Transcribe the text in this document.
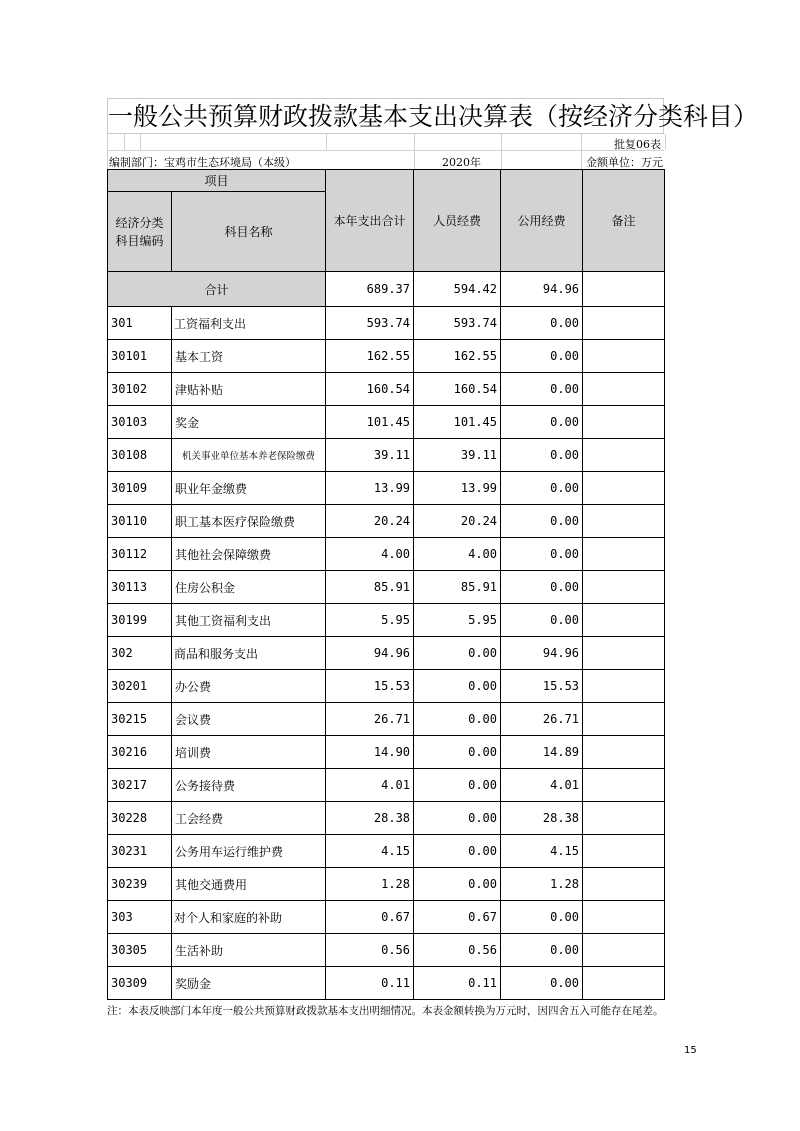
一般公共预算财政拨款基本支出决算表（按经济分类科目）
批复06表
编制部门：宝鸡市生态环境局（本级）	2020年	金额单位：万元
项目		本年支出合计	人员经费	公用经费	备注
经济分类科目编码	科目名称				
合计		689.37	594.42	94.96	
301	工资福利支出	593.74	593.74	0.00	
30101	基本工资	162.55	162.55	0.00	
30102	津贴补贴	160.54	160.54	0.00	
30103	奖金	101.45	101.45	0.00	
30108	机关事业单位基本养老保险缴费	39.11	39.11	0.00	
30109	职业年金缴费	13.99	13.99	0.00	
30110	职工基本医疗保险缴费	20.24	20.24	0.00	
30112	其他社会保障缴费	4.00	4.00	0.00	
30113	住房公积金	85.91	85.91	0.00	
30199	其他工资福利支出	5.95	5.95	0.00	
302	商品和服务支出	94.96	0.00	94.96	
30201	办公费	15.53	0.00	15.53	
30215	会议费	26.71	0.00	26.71	
30216	培训费	14.90	0.00	14.89	
30217	公务接待费	4.01	0.00	4.01	
30228	工会经费	28.38	0.00	28.38	
30231	公务用车运行维护费	4.15	0.00	4.15	
30239	其他交通费用	1.28	0.00	1.28	
303	对个人和家庭的补助	0.67	0.67	0.00	
30305	生活补助	0.56	0.56	0.00	
30309	奖励金	0.11	0.11	0.00	
注：本表反映部门本年度一般公共预算财政拨款基本支出明细情况。本表金额转换为万元时，因四舍五入可能存在尾差。
15
